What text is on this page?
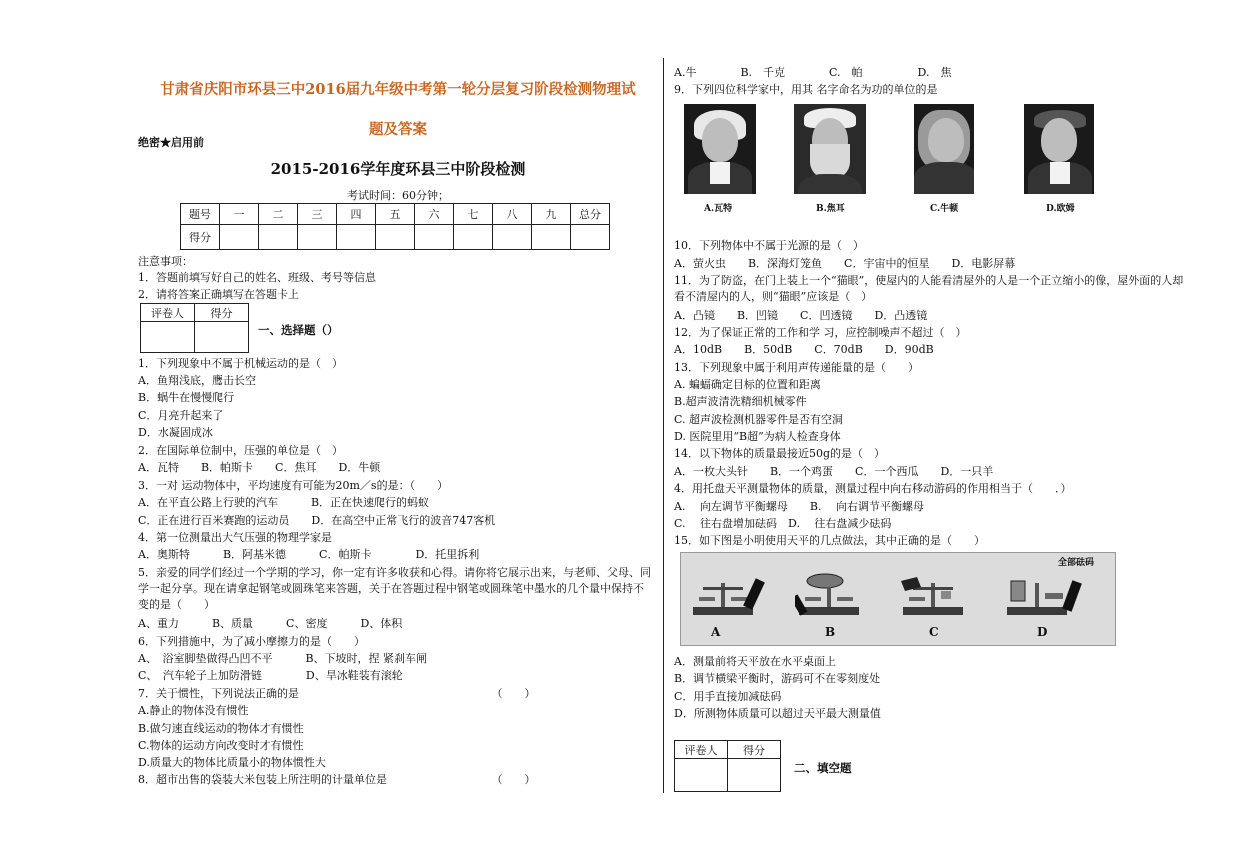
甘肃省庆阳市环县三中2016届九年级中考第一轮分层复习阶段检测物理试
题及答案
绝密★启用前
2015-2016学年度环县三中阶段检测
考试时间：60分钟；
题号	一	二	三	四	五	六	七	八	九	总分
得分										
注意事项：
1．答题前填写好自己的姓名、班级、考号等信息
2．请将答案正确填写在答题卡上
评卷人	得分

一、选择题（）
1．下列现象中不属于机械运动的是（　）
A．鱼翔浅底，鹰击长空
B．蜗牛在慢慢爬行
C．月亮升起来了
D．水凝固成冰
2．在国际单位制中，压强的单位是（　）
A．瓦特　　B．帕斯卡　　C．焦耳　　D．牛顿
3．一对 运动物体中，平均速度有可能为20m／s的是：（　　）
A．在平直公路上行驶的汽车　　　B．正在快速爬行的蚂蚁
C．正在进行百米赛跑的运动员　　D．在高空中正常飞行的波音747客机
4．第一位测量出大气压强的物理学家是
A．奥斯特　　　B．阿基米德　　　C．帕斯卡　　　　D．托里拆利
5．亲爱的同学们经过一个学期的学习，你一定有许多收获和心得。请你将它展示出来，与老师、父母、同学一起分享。现在请拿起钢笔或圆珠笔来答题，关于在答题过程中钢笔或圆珠笔中墨水的几个量中保持不变的是（　　）
A、重力　　　B、质量　　　C、密度　　　D、体积
6．下列措施中，为了减小摩擦力的是（　　）
A、　浴室脚垫做得凸凹不平　　　B、下坡时，捏 紧刹车闸
C、　汽车轮子上加防滑链　　　　D、旱冰鞋装有滚轮
7．关于惯性，下列说法正确的是　　　　　　　　　　　　　　　　　　（　　）
A.静止的物体没有惯性
B.做匀速直线运动的物体才有惯性
C.物体的运动方向改变时才有惯性
D.质量大的物体比质量小的物体惯性大
8．超市出售的袋装大米包装上所注明的计量单位是　　　　　　　　　　（　　）
A.牛　　　　B.　千克　　　　C.　帕　　　　　D.　焦
9．下列四位科学家中，用其 名字命名为功的单位的是
A.瓦特	B.焦耳	C.牛顿	D.欧姆
10．下列物体中不属于光源的是（　）
A．萤火虫　　B．深海灯笼鱼　　C．宇宙中的恒星　　D．电影屏幕
11．为了防盗，在门上装上一个“猫眼”，使屋内的人能看清屋外的人是一个正立缩小的像，屋外面的人却看不清屋内的人，则“猫眼”应该是（　）
A．凸镜　　B．凹镜　　C．凹透镜　　D．凸透镜
12．为了保证正常的工作和学 习，应控制噪声不超过（　）
A．10dB　　B．50dB　　C．70dB　　D．90dB
13．下列现象中属于利用声传递能量的是（　　）
A. 蝙蝠确定目标的位置和距离
B.超声波清洗精细机械零件
C. 超声波检测机器零件是否有空洞
D. 医院里用“B超”为病人检查身体
14．以下物体的质量最接近50g的是（　）
A．一枚大头针　　B．一个鸡蛋　　C．一个西瓜　　D．一只羊
4．用托盘天平测量物体的质量，测量过程中向右移动游码的作用相当于（　　．）
A. 　向左调节平衡螺母　　B. 　向右调节平衡螺母
C. 　往右盘增加砝码　D. 　往右盘减少砝码
15．如下图是小明使用天平的几点做法，其中正确的是（　　）
A	B	C	D
全部砝码
A．测量前将天平放在水平桌面上
B．调节横梁平衡时，游码可不在零刻度处
C．用手直接加减砝码
D．所测物体质量可以超过天平最大测量值
评卷人	得分

二、填空题
